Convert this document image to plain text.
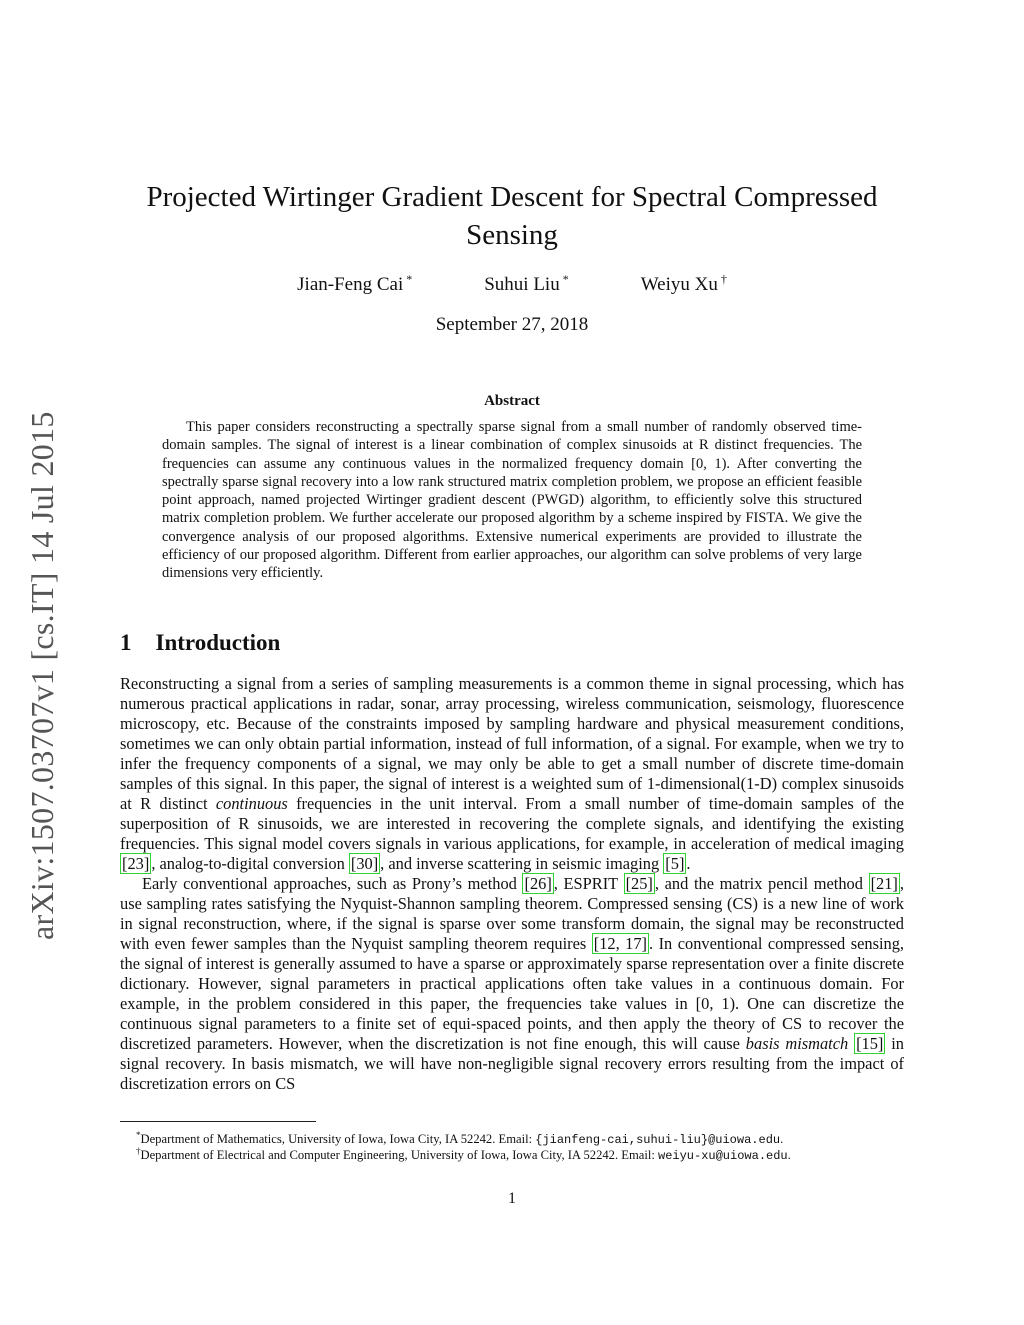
arXiv:1507.03707v1 [cs.IT] 14 Jul 2015
Projected Wirtinger Gradient Descent for Spectral Compressed Sensing
Jian-Feng Cai *	Suhui Liu *	Weiyu Xu †
September 27, 2018
Abstract

This paper considers reconstructing a spectrally sparse signal from a small number of randomly observed time-domain samples. The signal of interest is a linear combination of complex sinusoids at R distinct frequencies. The frequencies can assume any continuous values in the normalized frequency domain [0, 1). After converting the spectrally sparse signal recovery into a low rank structured matrix completion problem, we propose an efficient feasible point approach, named projected Wirtinger gradient descent (PWGD) algorithm, to efficiently solve this structured matrix completion problem. We further accelerate our proposed algorithm by a scheme inspired by FISTA. We give the convergence analysis of our proposed algorithms. Extensive numerical experiments are provided to illustrate the efficiency of our proposed algorithm. Different from earlier approaches, our algorithm can solve problems of very large dimensions very efficiently.

1 Introduction

Reconstructing a signal from a series of sampling measurements is a common theme in signal processing, which has numerous practical applications in radar, sonar, array processing, wireless communication, seismology, fluorescence microscopy, etc. Because of the constraints imposed by sampling hardware and physical measurement conditions, sometimes we can only obtain partial information, instead of full information, of a signal. For example, when we try to infer the frequency components of a signal, we may only be able to get a small number of discrete time-domain samples of this signal. In this paper, the signal of interest is a weighted sum of 1-dimensional(1-D) complex sinusoids at R distinct continuous frequencies in the unit interval. From a small number of time-domain samples of the superposition of R sinusoids, we are interested in recovering the complete signals, and identifying the existing frequencies. This signal model covers signals in various applications, for example, in acceleration of medical imaging [23] , analog-to-digital conversion [30] , and inverse scattering in seismic imaging [5] .

Early conventional approaches, such as Prony’s method [26] , ESPRIT [25] , and the matrix pencil method [21] , use sampling rates satisfying the Nyquist-Shannon sampling theorem. Compressed sensing (CS) is a new line of work in signal reconstruction, where, if the signal is sparse over some transform domain, the signal may be reconstructed with even fewer samples than the Nyquist sampling theorem requires [12, 17] . In conventional compressed sensing, the signal of interest is generally assumed to have a sparse or approximately sparse representation over a finite discrete dictionary. However, signal parameters in practical applications often take values in a continuous domain. For example, in the problem considered in this paper, the frequencies take values in [0, 1). One can discretize the continuous signal parameters to a finite set of equi-spaced points, and then apply the theory of CS to recover the discretized parameters. However, when the discretization is not fine enough, this will cause basis mismatch [15] in signal recovery. In basis mismatch, we will have non-negligible signal recovery errors resulting from the impact of discretization errors on CS

*Department of Mathematics, University of Iowa, Iowa City, IA 52242. Email: {jianfeng-cai,suhui-liu}@uiowa.edu.
†Department of Electrical and Computer Engineering, University of Iowa, Iowa City, IA 52242. Email: weiyu-xu@uiowa.edu.
1
